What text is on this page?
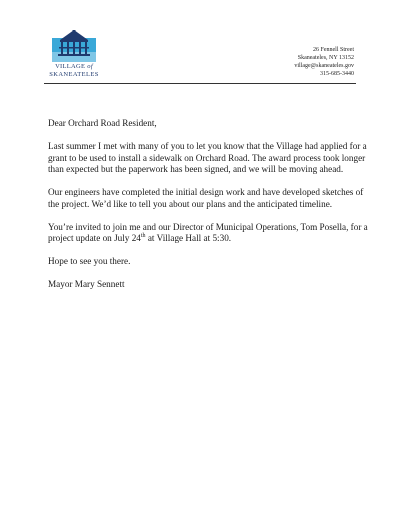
VILLAGE of
SKANEATELES
26 Fennell Street
Skaneateles, NY 13152
village@skaneateles.gov
315-685-3440

Dear Orchard Road Resident,

Last summer I met with many of you to let you know that the Village had applied for a grant to be used to install a sidewalk on Orchard Road. The award process took longer than expected but the paperwork has been signed, and we will be moving ahead.

Our engineers have completed the initial design work and have developed sketches of the project. We’d like to tell you about our plans and the anticipated timeline.

You’re invited to join me and our Director of Municipal Operations, Tom Posella, for a project update on July 24th at Village Hall at 5:30.

Hope to see you there.

Mayor Mary Sennett
